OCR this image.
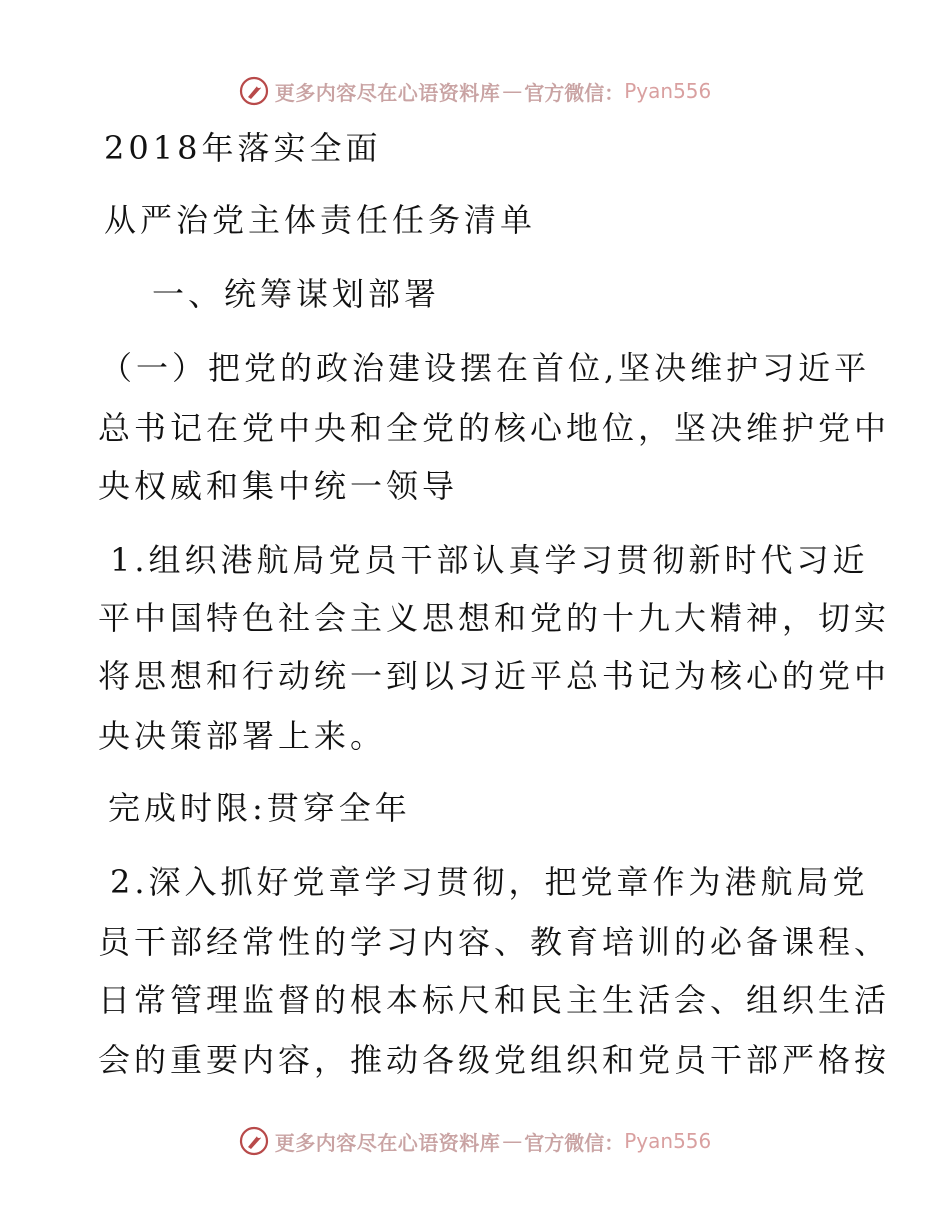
更多内容尽在心语资料库 — 官方微信： Pyan556
2018年落实全面
从严治党主体责任任务清单
一、统筹谋划部署
（一）把党的政治建设摆在首位,坚决维护习近平
总书记在党中央和全党的核心地位，坚决维护党中
央权威和集中统一领导
1.组织港航局党员干部认真学习贯彻新时代习近
平中国特色社会主义思想和党的十九大精神，切实
将思想和行动统一到以习近平总书记为核心的党中
央决策部署上来。
完成时限:贯穿全年
2.深入抓好党章学习贯彻，把党章作为港航局党
员干部经常性的学习内容、教育培训的必备课程、
日常管理监督的根本标尺和民主生活会、组织生活
会的重要内容，推动各级党组织和党员干部严格按
更多内容尽在心语资料库 — 官方微信： Pyan556
